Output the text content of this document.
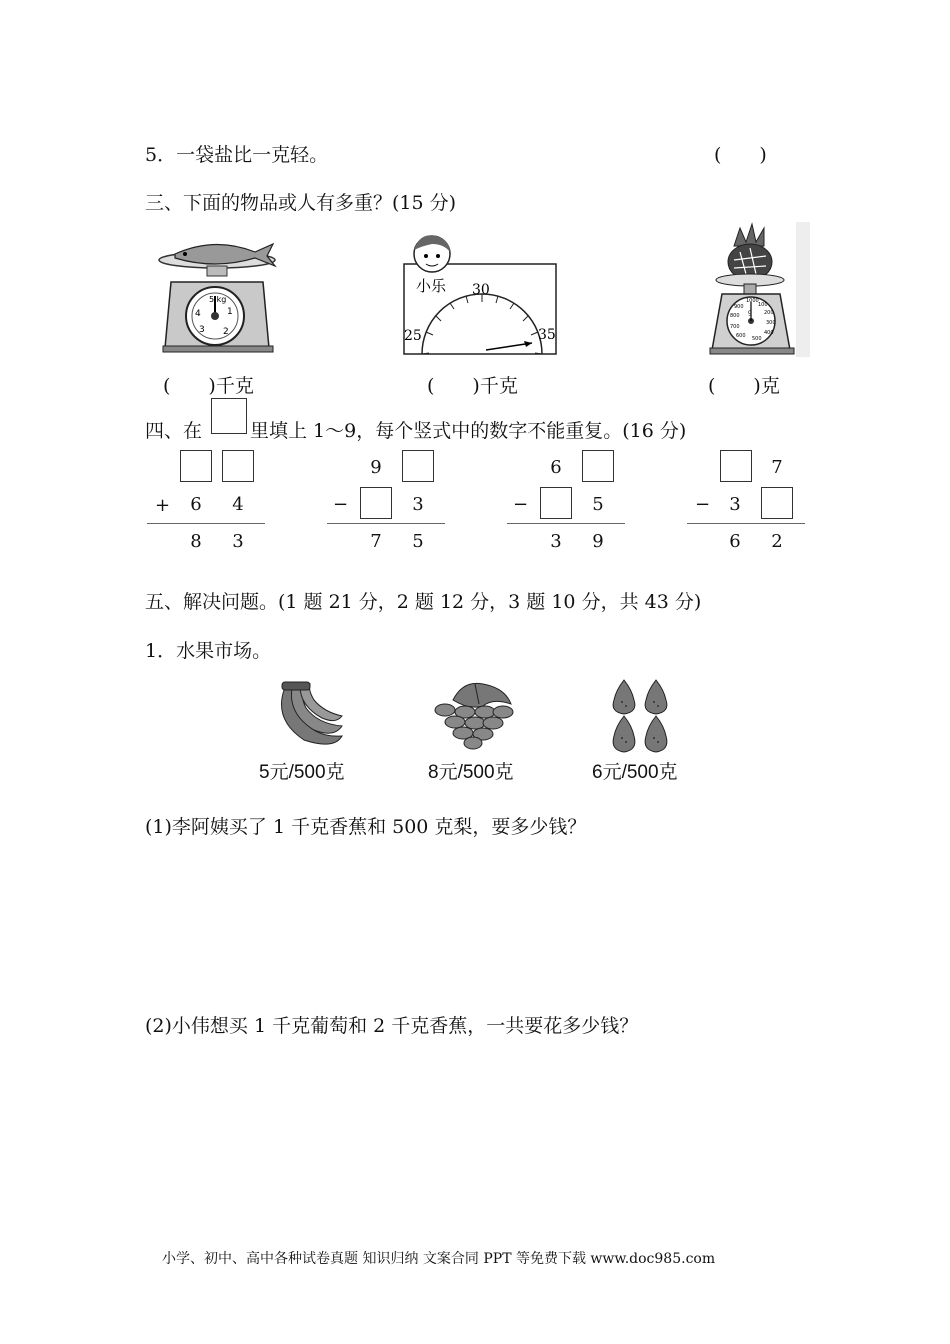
5．一袋盐比一克轻。	(　　)
三、下面的物品或人有多重？(15 分)
5 kg
4	1
3 2
(　　)千克
小乐
25
30
35
(　　)千克
1000
100
900
200
800
300
700
400
600 500
g
(　　)克
四、在	里填上 1～9，每个竖式中的数字不能重复。(16 分)
+ 6 4
8 3
9
−	3
7 5
6
−	5
3 9
7
− 3
6 2
五、解决问题。(1 题 21 分，2 题 12 分，3 题 10 分，共 43 分)
1．水果市场。
5元/500克	8元/500克	6元/500克
(1)李阿姨买了 1 千克香蕉和 500 克梨，要多少钱？
(2)小伟想买 1 千克葡萄和 2 千克香蕉，一共要花多少钱？
小学、初中、高中各种试卷真题 知识归纳 文案合同 PPT 等免费下载 www.doc985.com
